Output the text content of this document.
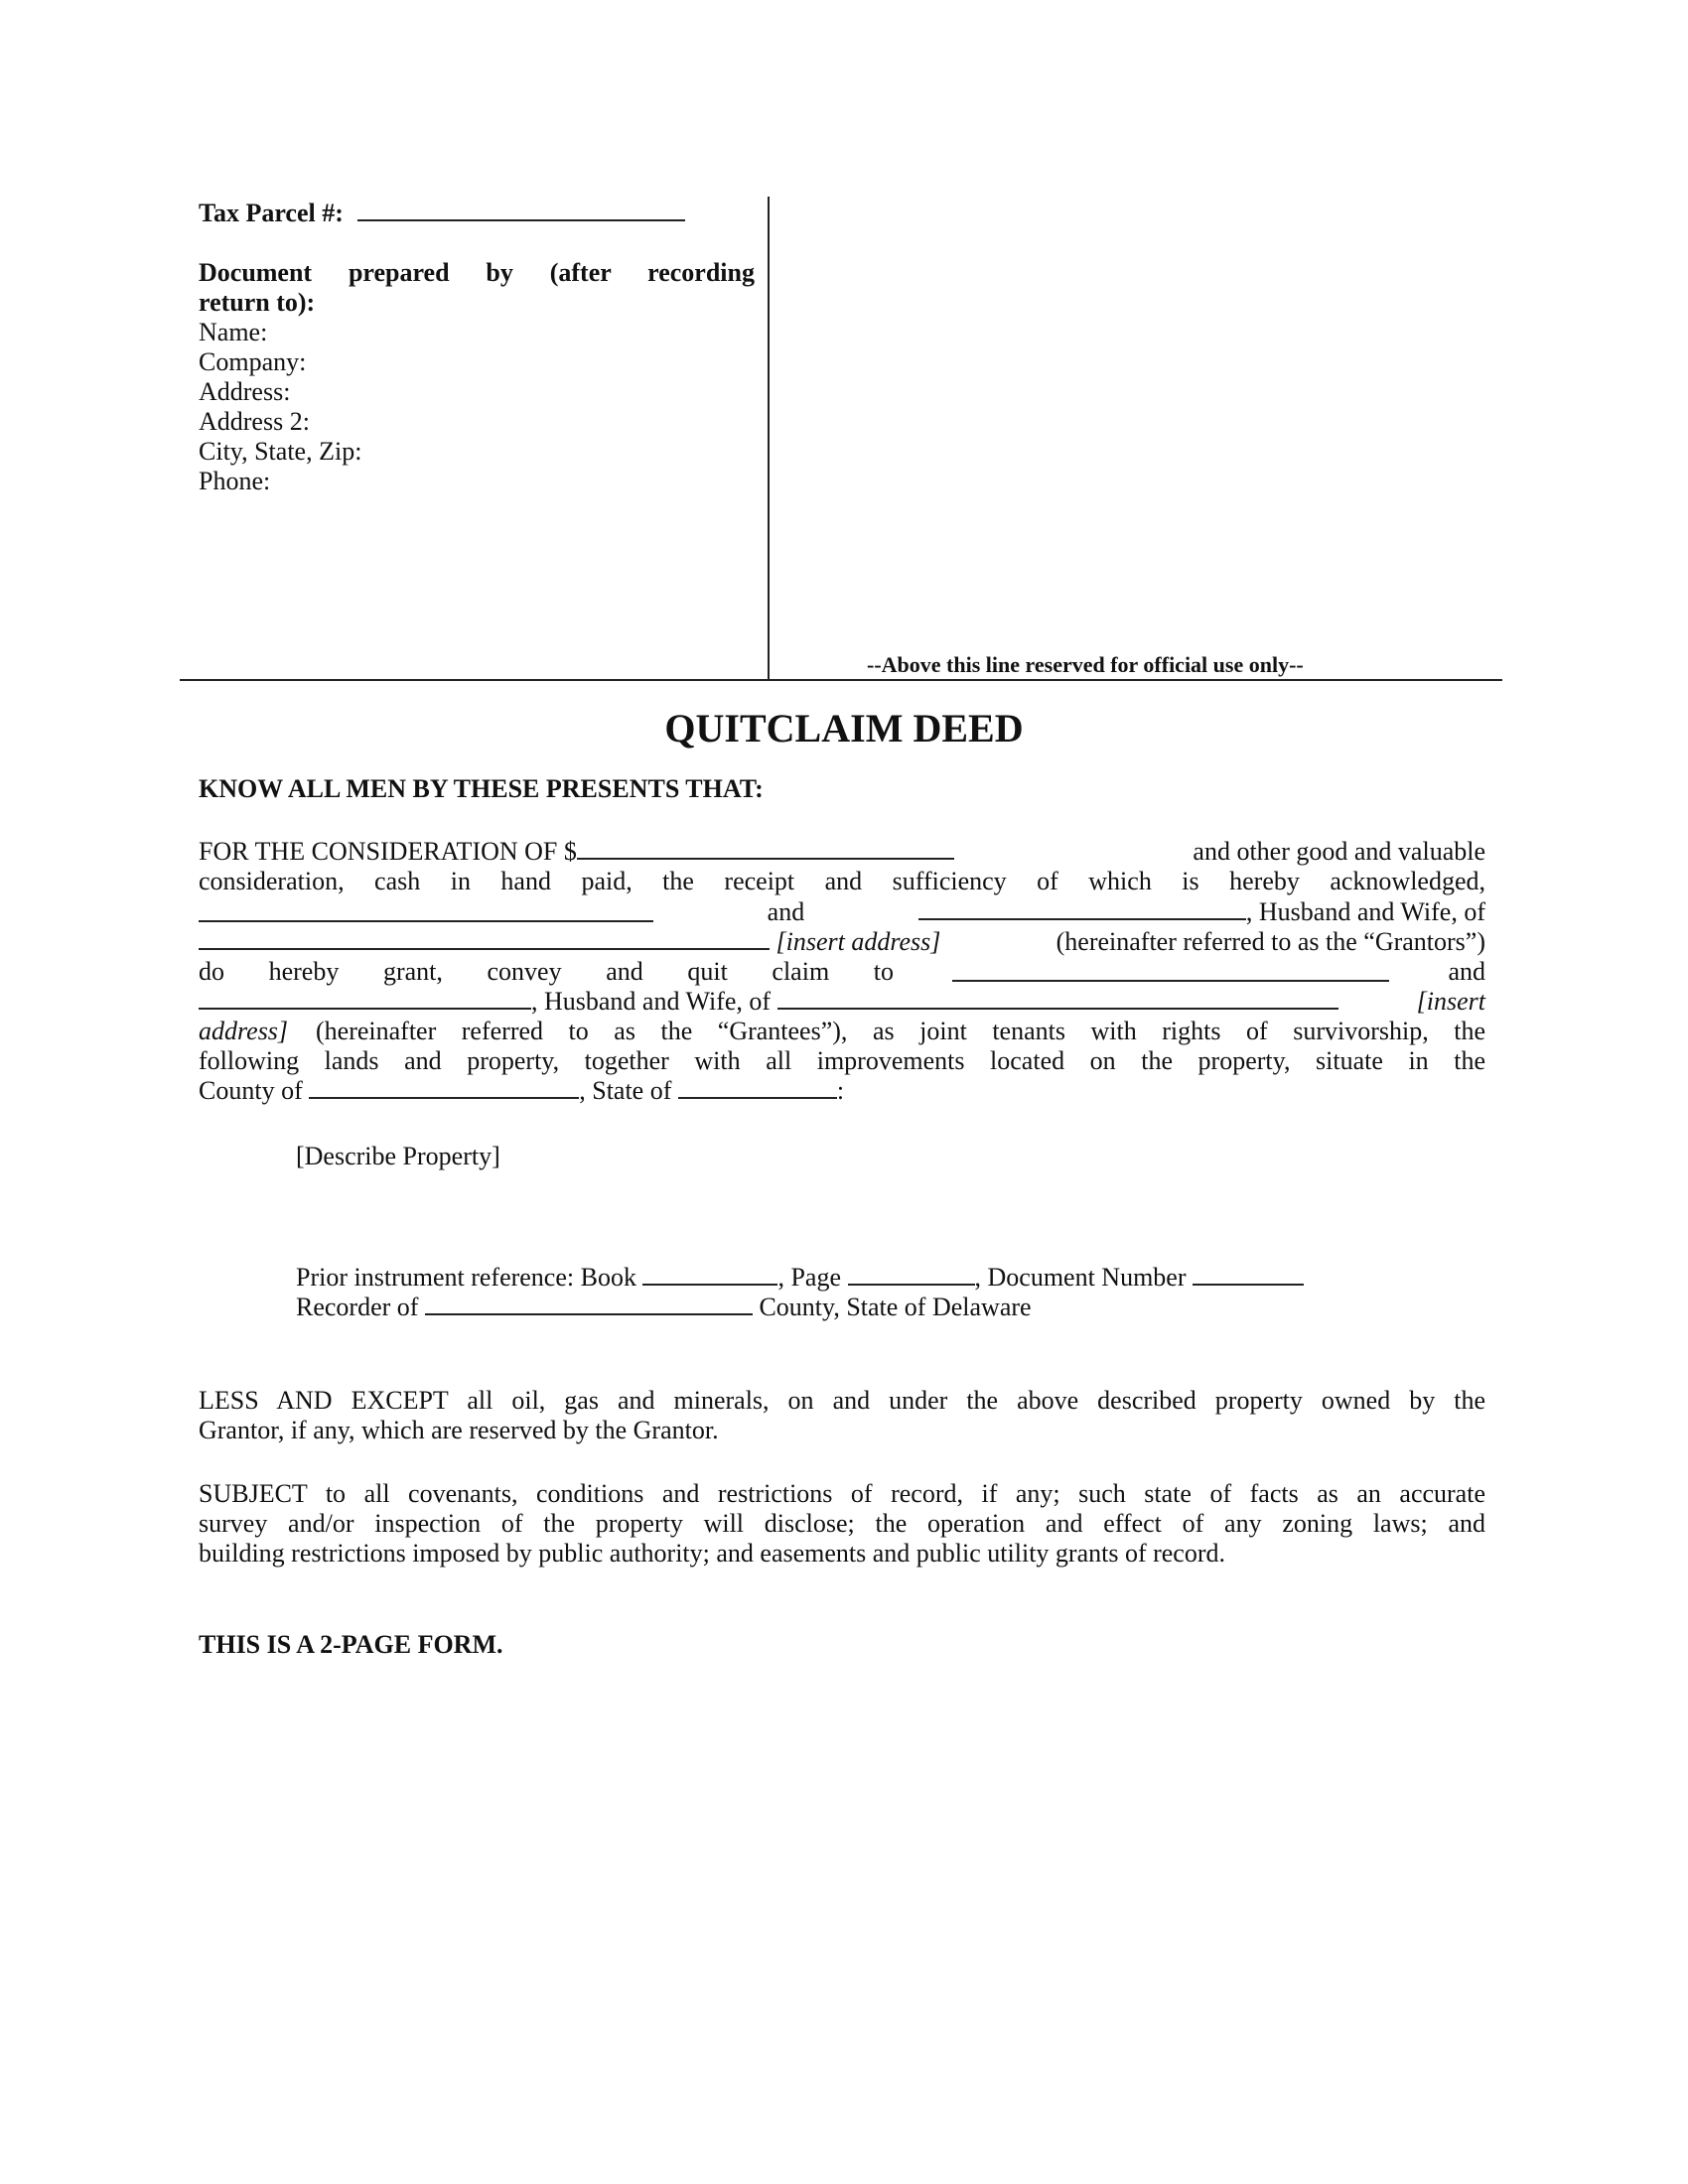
Tax Parcel #:
Document prepared by (after recording
return to):
Name:
Company:
Address:
Address 2:
City, State, Zip:
Phone:
--Above this line reserved for official use only--
QUITCLAIM DEED
KNOW ALL MEN BY THESE PRESENTS THAT:
FOR THE CONSIDERATION OF $	and other good and valuable
consideration, cash in hand paid, the receipt and sufficiency of which is hereby acknowledged,
and	, Husband and Wife, of
[insert address]	(hereinafter referred to as the “Grantors”)
do hereby grant, convey and quit claim to	and
, Husband and Wife, of	[insert
address] (hereinafter referred to as the “Grantees”), as joint tenants with rights of survivorship, the
following lands and property, together with all improvements located on the property, situate in the
County of	, State of	:
[Describe Property]
Prior instrument reference: Book	, Page	, Document Number
Recorder of	County, State of Delaware
LESS AND EXCEPT all oil, gas and minerals, on and under the above described property owned by the
Grantor, if any, which are reserved by the Grantor.
SUBJECT to all covenants, conditions and restrictions of record, if any; such state of facts as an accurate
survey and/or inspection of the property will disclose; the operation and effect of any zoning laws; and
building restrictions imposed by public authority; and easements and public utility grants of record.
THIS IS A 2-PAGE FORM.
